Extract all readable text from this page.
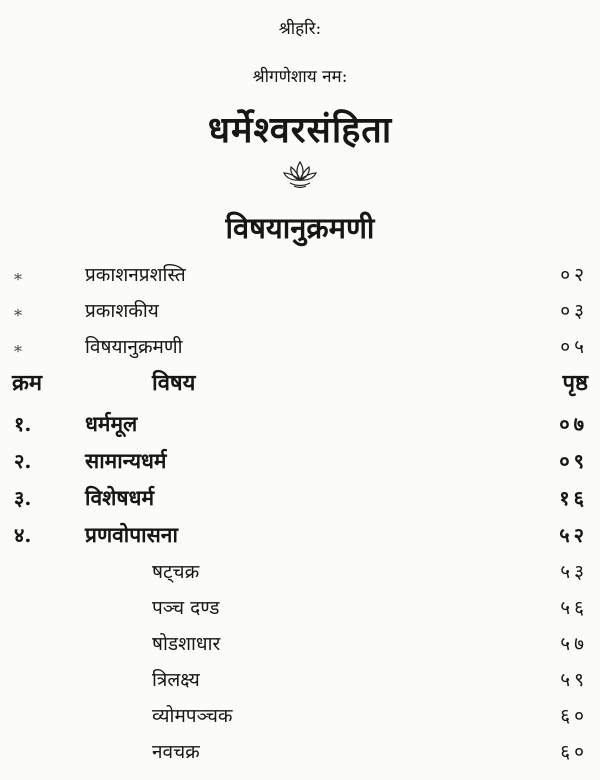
श्रीहरि:
श्रीगणेशाय नम:
धर्मेश्वरसंहिता
विषयानुक्रमणी
*	प्रकाशनप्रशस्ति	०२
*	प्रकाशकीय	०३
*	विषयानुक्रमणी	०५
क्रम	विषय	पृष्ठ
१.	धर्ममूल	०७
२.	सामान्यधर्म	०९
३.	विशेषधर्म	१६
४.	प्रणवोपासना	५२
षट्चक्र	५३
पञ्च दण्ड	५६
षोडशाधार	५७
त्रिलक्ष्य	५९
व्योमपञ्चक	६०
नवचक्र	६०
